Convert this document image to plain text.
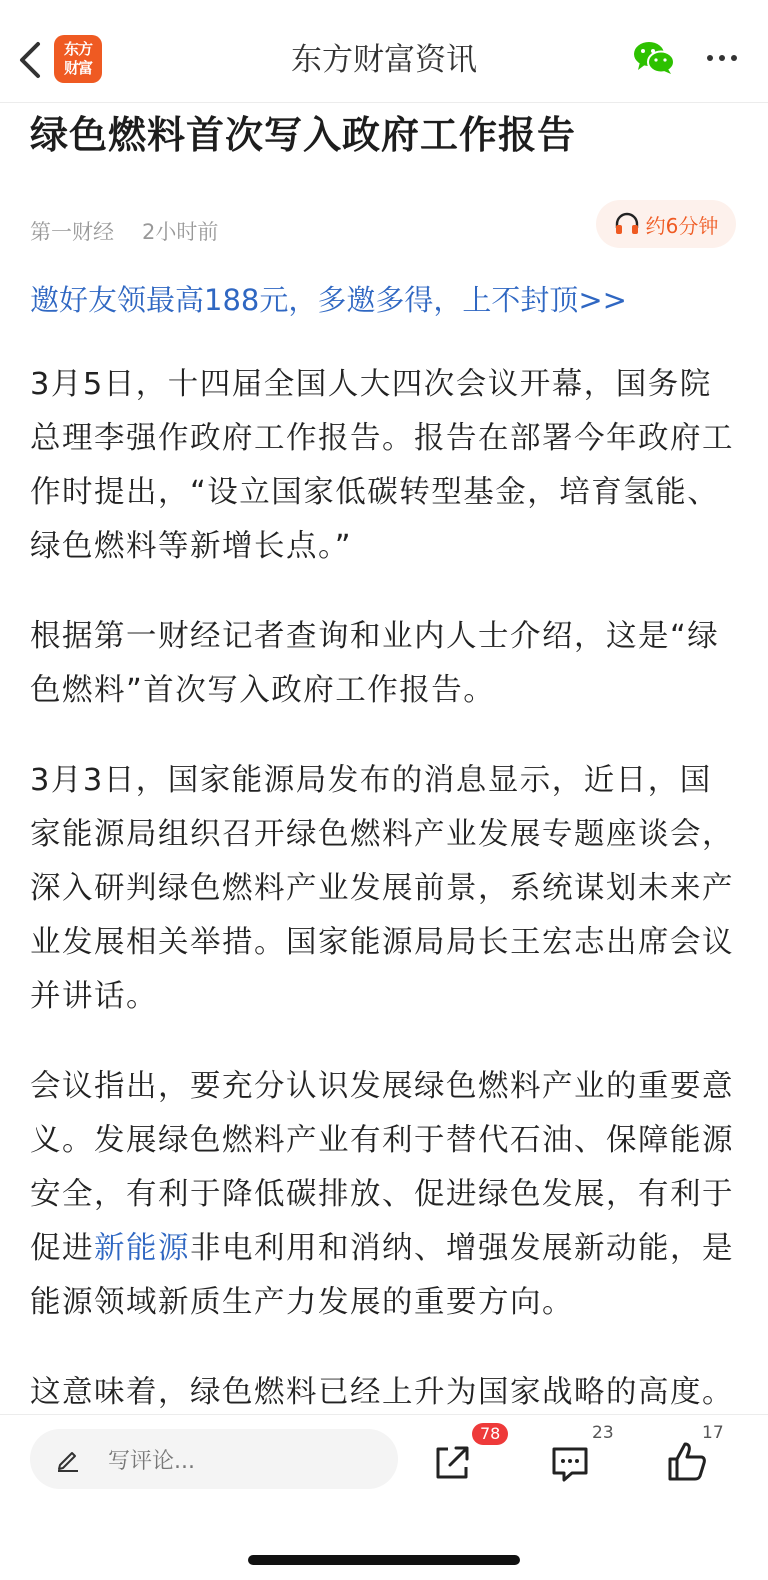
东方
财富	东方财富资讯
绿色燃料首次写入政府工作报告
第一财经 2小时前	约6分钟
邀好友领最高188元，多邀多得，上不封顶>>

3月5日，十四届全国人大四次会议开幕，国务院总理李强作政府工作报告。报告在部署今年政府工作时提出，“设立国家低碳转型基金，培育氢能、绿色燃料等新增长点。”

根据第一财经记者查询和业内人士介绍，这是“绿色燃料”首次写入政府工作报告。

3月3日，国家能源局发布的消息显示，近日，国家能源局组织召开绿色燃料产业发展专题座谈会，深入研判绿色燃料产业发展前景，系统谋划未来产业发展相关举措。国家能源局局长王宏志出席会议并讲话。

会议指出，要充分认识发展绿色燃料产业的重要意义。发展绿色燃料产业有利于替代石油、保障能源安全，有利于降低碳排放、促进绿色发展，有利于促进新能源非电利用和消纳、增强发展新动能，是能源领域新质生产力发展的重要方向。

这意味着，绿色燃料已经上升为国家战略的高度。

写评论...
78	23	17
